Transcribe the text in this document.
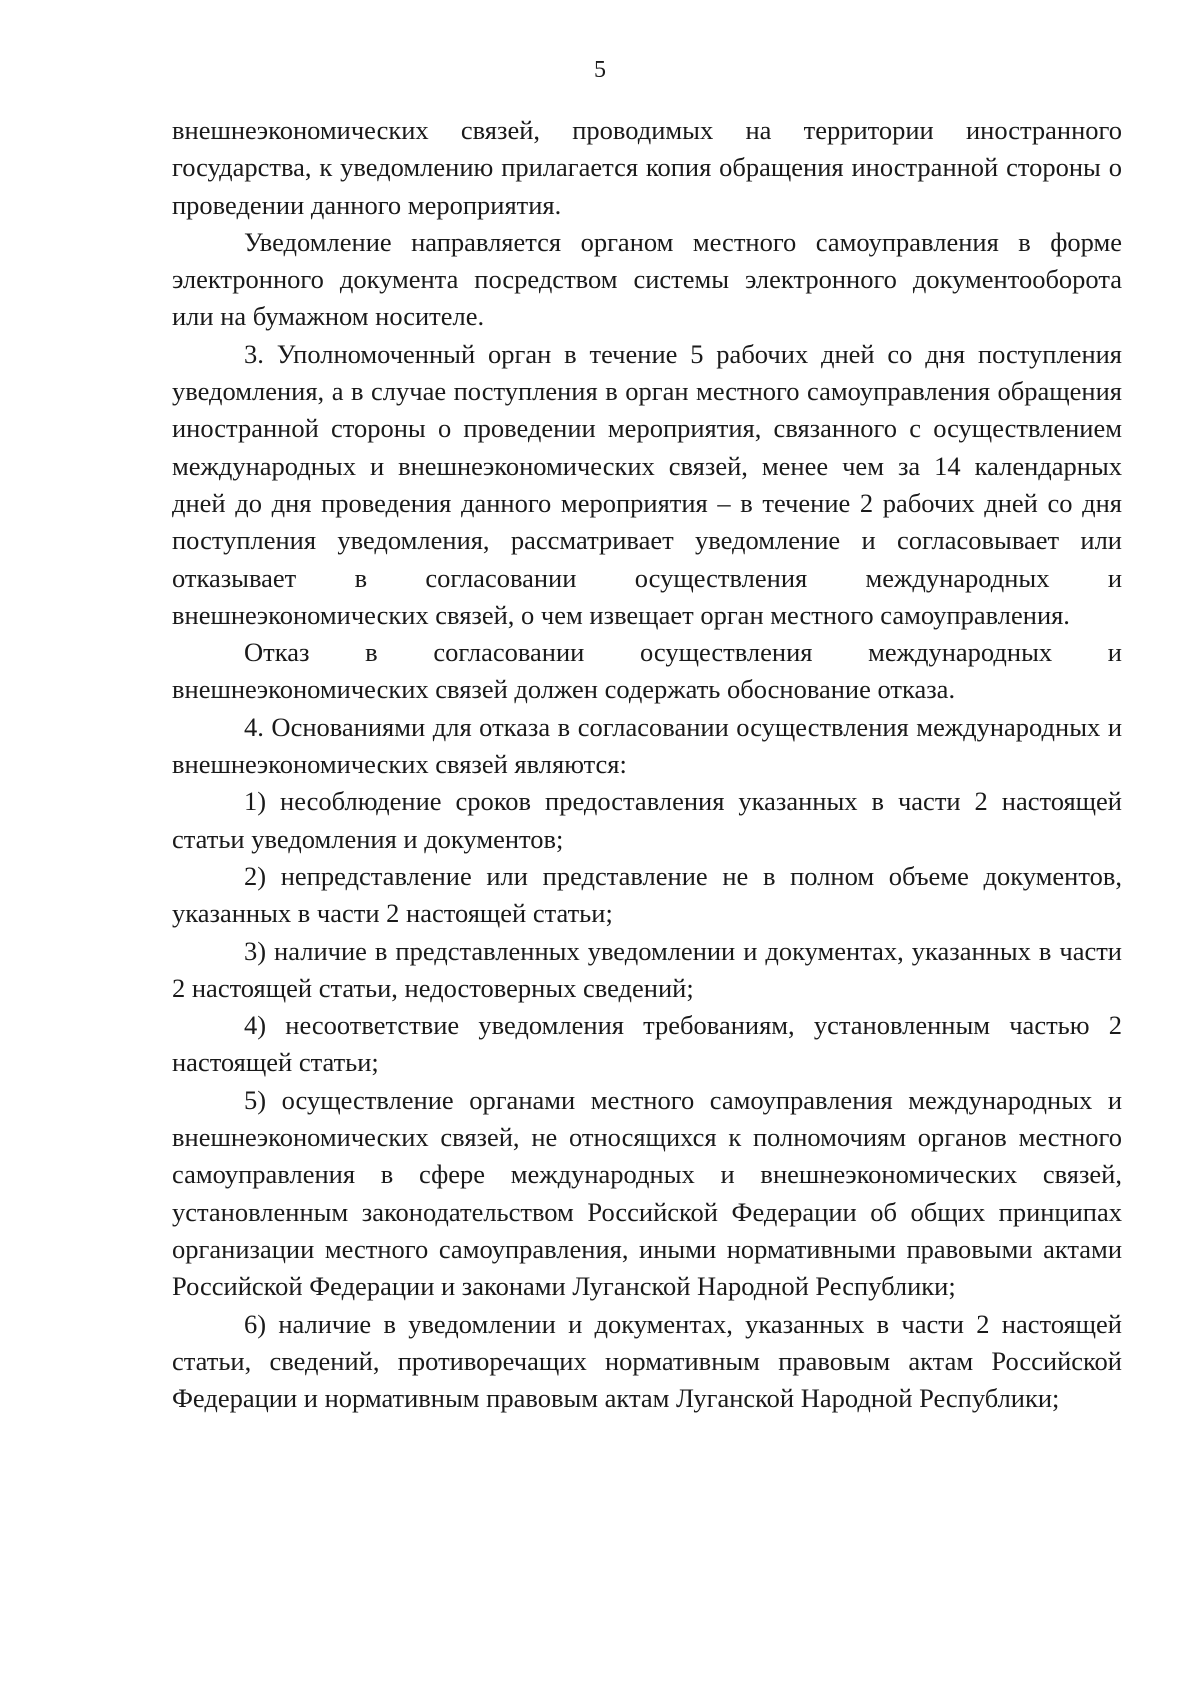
5

внешнеэкономических связей, проводимых на территории иностранного государства, к уведомлению прилагается копия обращения иностранной стороны о проведении данного мероприятия.

Уведомление направляется органом местного самоуправления в форме электронного документа посредством системы электронного документооборота или на бумажном носителе.

3. Уполномоченный орган в течение 5 рабочих дней со дня поступления уведомления, а в случае поступления в орган местного самоуправления обращения иностранной стороны о проведении мероприятия, связанного с осуществлением международных и внешнеэкономических связей, менее чем за 14 календарных дней до дня проведения данного мероприятия – в течение 2 рабочих дней со дня поступления уведомления, рассматривает уведомление и согласовывает или отказывает в согласовании осуществления международных и внешнеэкономических связей, о чем извещает орган местного самоуправления.

Отказ в согласовании осуществления международных и внешнеэкономических связей должен содержать обоснование отказа.

4. Основаниями для отказа в согласовании осуществления международных и внешнеэкономических связей являются:

1) несоблюдение сроков предоставления указанных в части 2 настоящей статьи уведомления и документов;

2) непредставление или представление не в полном объеме документов, указанных в части 2 настоящей статьи;

3) наличие в представленных уведомлении и документах, указанных в части 2 настоящей статьи, недостоверных сведений;

4) несоответствие уведомления требованиям, установленным частью 2 настоящей статьи;

5) осуществление органами местного самоуправления международных и внешнеэкономических связей, не относящихся к полномочиям органов местного самоуправления в сфере международных и внешнеэкономических связей, установленным законодательством Российской Федерации об общих принципах организации местного самоуправления, иными нормативными правовыми актами Российской Федерации и законами Луганской Народной Республики;

6) наличие в уведомлении и документах, указанных в части 2 настоящей статьи, сведений, противоречащих нормативным правовым актам Российской Федерации и нормативным правовым актам Луганской Народной Республики;
